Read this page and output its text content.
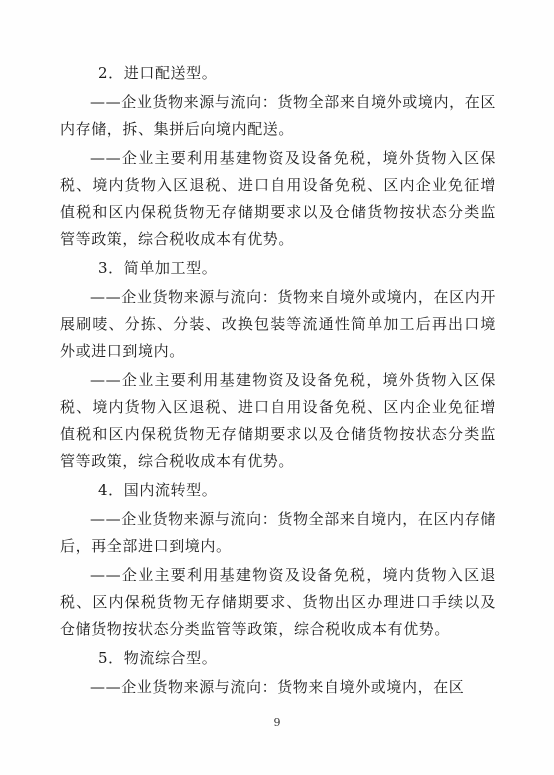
2．进口配送型。

——企业货物来源与流向：货物全部来自境外或境内，在区内存储，拆、集拼后向境内配送。

——企业主要利用基建物资及设备免税，境外货物入区保税、境内货物入区退税、进口自用设备免税、区内企业免征增值税和区内保税货物无存储期要求以及仓储货物按状态分类监管等政策，综合税收成本有优势。

3．简单加工型。

——企业货物来源与流向：货物来自境外或境内，在区内开展刷唛、分拣、分装、改换包装等流通性简单加工后再出口境外或进口到境内。

——企业主要利用基建物资及设备免税，境外货物入区保税、境内货物入区退税、进口自用设备免税、区内企业免征增值税和区内保税货物无存储期要求以及仓储货物按状态分类监管等政策，综合税收成本有优势。

4．国内流转型。

——企业货物来源与流向：货物全部来自境内，在区内存储后，再全部进口到境内。

——企业主要利用基建物资及设备免税，境内货物入区退税、区内保税货物无存储期要求、货物出区办理进口手续以及仓储货物按状态分类监管等政策，综合税收成本有优势。

5．物流综合型。

——企业货物来源与流向：货物来自境外或境内，在区

9
